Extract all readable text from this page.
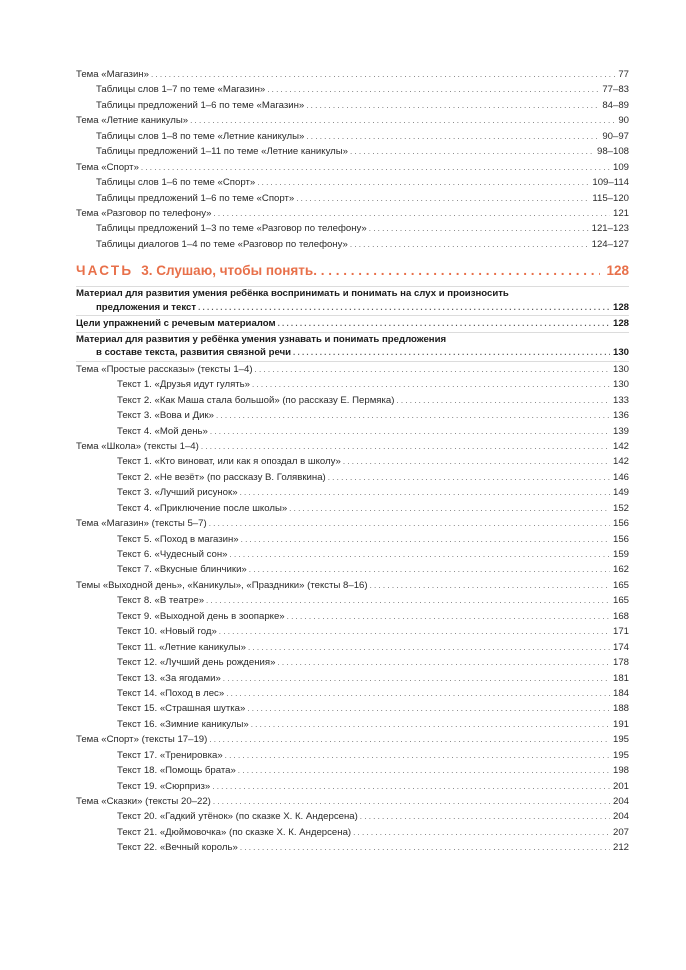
Тема «Магазин» . . .	77
Таблицы слов 1–7 по теме «Магазин» . . .	77–83
Таблицы предложений 1–6 по теме «Магазин» . . .	84–89
Тема «Летние каникулы» . . .	90
Таблицы слов 1–8 по теме «Летние каникулы» . . .	90–97
Таблицы предложений 1–11 по теме «Летние каникулы» . . .	98–108
Тема «Спорт» . . .	109
Таблицы слов 1–6 по теме «Спорт» . . .	109–114
Таблицы предложений 1–6 по теме «Спорт» . . .	115–120
Тема «Разговор по телефону» . . .	121
Таблицы предложений 1–3 по теме «Разговор по телефону» . . .	121–123
Таблицы диалогов 1–4 по теме «Разговор по телефону» . . .	124–127
ЧАСТЬ 3. Слушаю, чтобы понять . . .	128
Материал для развития умения ребёнка воспринимать и понимать на слух и произносить
предложения и текст . . .	128
Цели упражнений с речевым материалом . . .	128
Материал для развития у ребёнка умения узнавать и понимать предложения
в составе текста, развития связной речи . . .	130
Тема «Простые рассказы» (тексты 1–4) . . .	130
Текст 1. «Друзья идут гулять» . . .	130
Текст 2. «Как Маша стала большой» (по рассказу Е. Пермяка) . . .	133
Текст 3. «Вова и Дик» . . .	136
Текст 4. «Мой день» . . .	139
Тема «Школа» (тексты 1–4) . . .	142
Текст 1. «Кто виноват, или как я опоздал в школу» . . .	142
Текст 2. «Не везёт» (по рассказу В. Голявкина) . . .	146
Текст 3. «Лучший рисунок» . . .	149
Текст 4. «Приключение после школы» . . .	152
Тема «Магазин» (тексты 5–7) . . .	156
Текст 5. «Поход в магазин» . . .	156
Текст 6. «Чудесный сон» . . .	159
Текст 7. «Вкусные блинчики» . . .	162
Темы «Выходной день», «Каникулы», «Праздники» (тексты 8–16) . . .	165
Текст 8. «В театре» . . .	165
Текст 9. «Выходной день в зоопарке» . . .	168
Текст 10. «Новый год» . . .	171
Текст 11. «Летние каникулы» . . .	174
Текст 12. «Лучший день рождения» . . .	178
Текст 13. «За ягодами» . . .	181
Текст 14. «Поход в лес» . . .	184
Текст 15. «Страшная шутка» . . .	188
Текст 16. «Зимние каникулы» . . .	191
Тема «Спорт» (тексты 17–19) . . .	195
Текст 17. «Тренировка» . . .	195
Текст 18. «Помощь брата» . . .	198
Текст 19. «Сюрприз» . . .	201
Тема «Сказки» (тексты 20–22) . . .	204
Текст 20. «Гадкий утёнок» (по сказке Х. К. Андерсена) . . .	204
Текст 21. «Дюймовочка» (по сказке Х. К. Андерсена) . . .	207
Текст 22. «Вечный король» . . .	212
